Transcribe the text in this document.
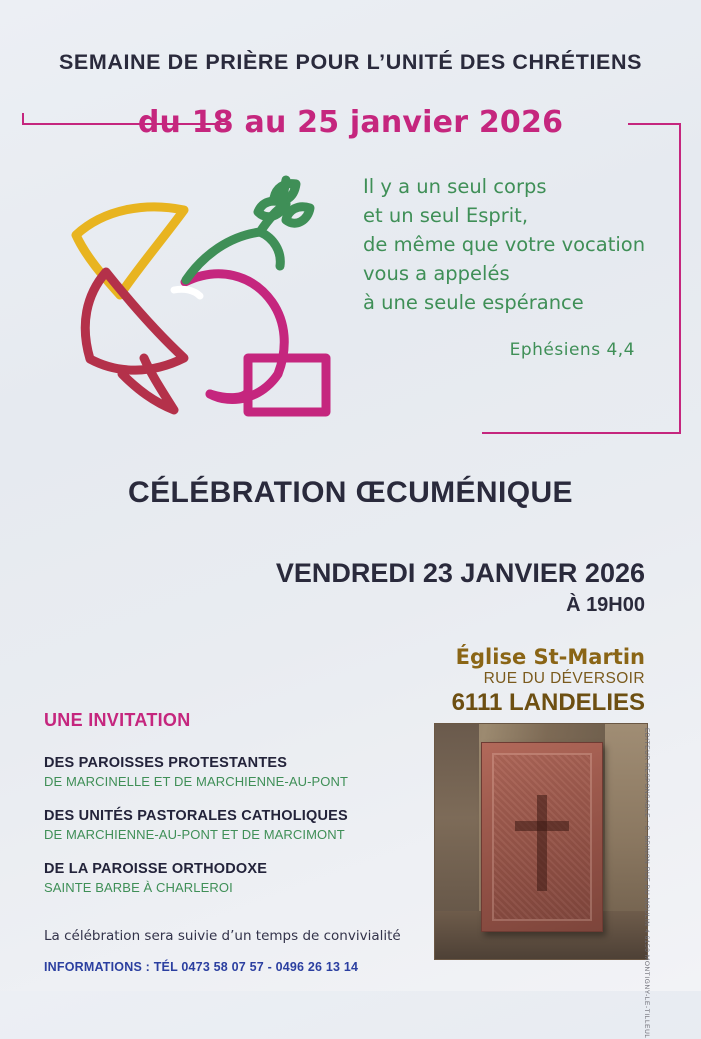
SEMAINE DE PRIÈRE POUR L’UNITÉ DES CHRÉTIENS
du 18 au 25 janvier 2026
Il y a un seul corps
et un seul Esprit,
de même que votre vocation
vous a appelés
à une seule espérance
Ephésiens 4,4
CÉLÉBRATION ŒCUMÉNIQUE
VENDREDI 23 JANVIER 2026
À 19H00
Église St-Martin
RUE DU DÉVERSOIR
6111 LANDELIES
EDITEUR RESPONSABLE : C. BRINON RUE DU MOULIN 4 6150 MONTIGNY-LE-TILLEUL
UNE INVITATION
DES PAROISSES PROTESTANTES
DE MARCINELLE ET DE MARCHIENNE-AU-PONT
DES UNITÉS PASTORALES CATHOLIQUES
DE MARCHIENNE-AU-PONT ET DE MARCIMONT
DE LA PAROISSE ORTHODOXE
SAINTE BARBE À CHARLEROI
La célébration sera suivie d’un temps de convivialité
INFORMATIONS : TÉL 0473 58 07 57 - 0496 26 13 14
